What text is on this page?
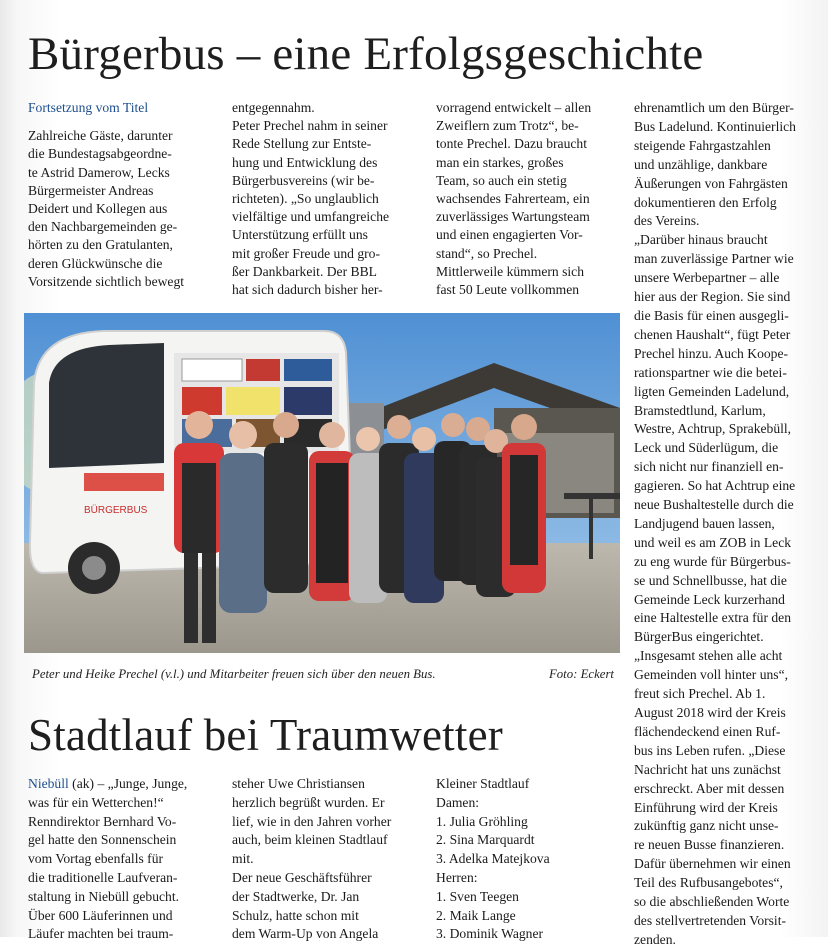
Bürgerbus – eine Erfolgsgeschichte

Fortsetzung vom Titel

Zahlreiche Gäste, darunter

die Bundestagsabgeordne-

te Astrid Damerow, Lecks

Bürgermeister Andreas

Deidert und Kollegen aus

den Nachbargemeinden ge-

hörten zu den Gratulanten,

deren Glückwünsche die

Vorsitzende sichtlich bewegt

entgegennahm.

Peter Prechel nahm in seiner

Rede Stellung zur Entste-

hung und Entwicklung des

Bürgerbusvereins (wir be-

richteten). „So unglaublich

vielfältige und umfangreiche

Unterstützung erfüllt uns

mit großer Freude und gro-

ßer Dankbarkeit. Der BBL

hat sich dadurch bisher her-

vorragend entwickelt – allen

Zweiflern zum Trotz“, be-

tonte Prechel. Dazu braucht

man ein starkes, großes

Team, so auch ein stetig

wachsendes Fahrerteam, ein

zuverlässiges Wartungsteam

und einen engagierten Vor-

stand“, so Prechel.

Mittlerweile kümmern sich

fast 50 Leute vollkommen

ehrenamtlich um den Bürger-

Bus Ladelund. Kontinuierlich

steigende Fahrgastzahlen

und unzählige, dankbare

Äußerungen von Fahrgästen

dokumentieren den Erfolg

des Vereins.

„Darüber hinaus braucht

man zuverlässige Partner wie

unsere Werbepartner – alle

hier aus der Region. Sie sind

die Basis für einen ausgegli-

chenen Haushalt“, fügt Peter

Prechel hinzu. Auch Koope-

rationspartner wie die betei-

ligten Gemeinden Ladelund,

Bramstedtlund, Karlum,

Westre, Achtrup, Sprakebüll,

Leck und Süderlügum, die

sich nicht nur finanziell en-

gagieren. So hat Achtrup eine

neue Bushaltestelle durch die

Landjugend bauen lassen,

und weil es am ZOB in Leck

zu eng wurde für Bürgerbus-

se und Schnellbusse, hat die

Gemeinde Leck kurzerhand

eine Haltestelle extra für den

BürgerBus eingerichtet.

„Insgesamt stehen alle acht

Gemeinden voll hinter uns“,

freut sich Prechel. Ab 1.

August 2018 wird der Kreis

flächendeckend einen Ruf-

bus ins Leben rufen. „Diese

Nachricht hat uns zunächst

erschreckt. Aber mit dessen

Einführung wird der Kreis

zukünftig ganz nicht unse-

re neuen Busse finanzieren.

Dafür übernehmen wir einen

Teil des Rufbusangebotes“,

so die abschließenden Worte

des stellvertretenden Vorsit-

zenden.

BÜRGERBUS
Peter und Heike Prechel (v.l.) und Mitarbeiter freuen sich über den neuen Bus.	Foto: Eckert
Stadtlauf bei Traumwetter

Niebüll (ak) – „Junge, Junge,

was für ein Wetterchen!“

Renndirektor Bernhard Vo-

gel hatte den Sonnenschein

vom Vortag ebenfalls für

die traditionelle Laufveran-

staltung in Niebüll gebucht.

Über 600 Läuferinnen und

Läufer machten bei traum-

steher Uwe Christiansen

herzlich begrüßt wurden. Er

lief, wie in den Jahren vorher

auch, beim kleinen Stadtlauf

mit.

Der neue Geschäftsführer

der Stadtwerke, Dr. Jan

Schulz, hatte schon mit

dem Warm-Up von Angela

Kleiner Stadtlauf

Damen:

1. Julia Gröhling

2. Sina Marquardt

3. Adelka Matejkova

Herren:

1. Sven Teegen

2. Maik Lange

3. Dominik Wagner
